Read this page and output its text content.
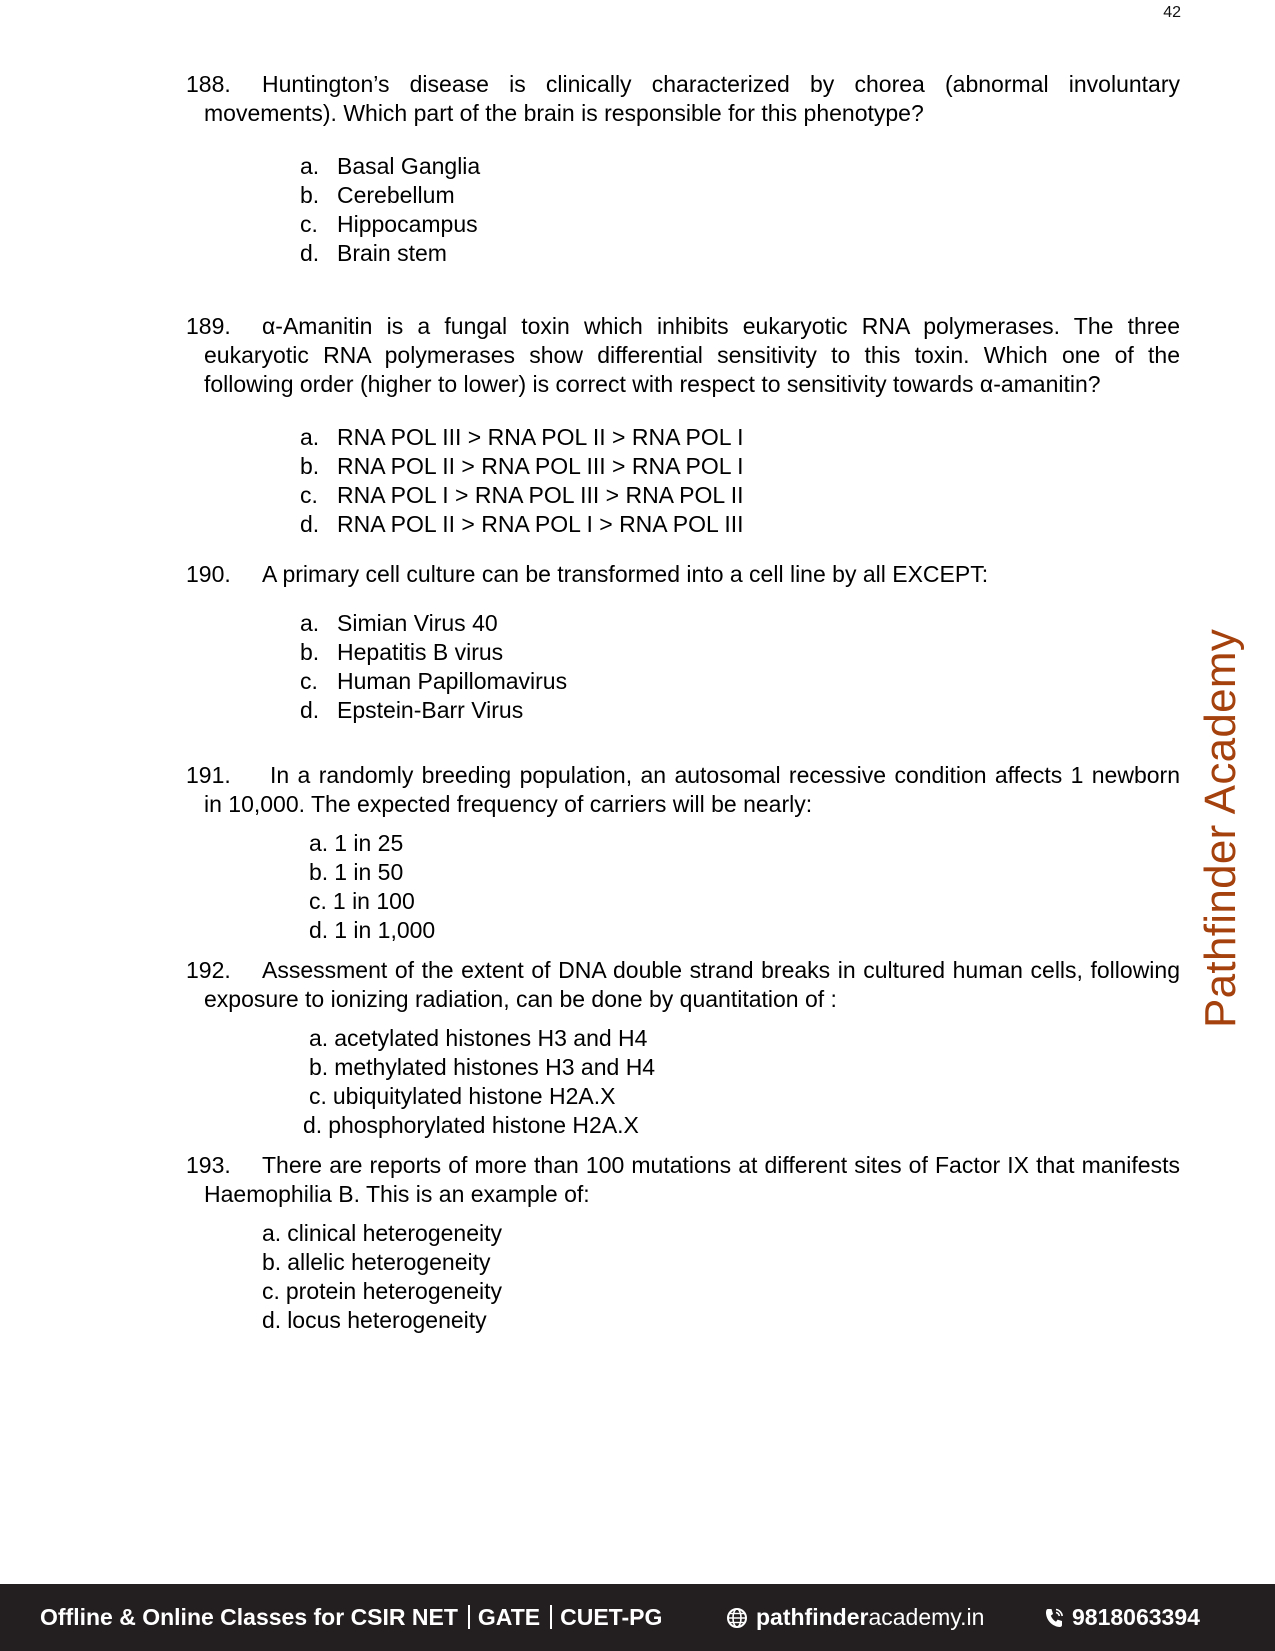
42
188. Huntington’s disease is clinically characterized by chorea (abnormal involuntary movements). Which part of the brain is responsible for this phenotype?
a. Basal Ganglia
b. Cerebellum
c. Hippocampus
d. Brain stem
189. α-Amanitin is a fungal toxin which inhibits eukaryotic RNA polymerases. The three eukaryotic RNA polymerases show differential sensitivity to this toxin. Which one of the following order (higher to lower) is correct with respect to sensitivity towards α-amanitin?
a. RNA POL III > RNA POL II > RNA POL I
b. RNA POL II > RNA POL III > RNA POL I
c. RNA POL I > RNA POL III > RNA POL II
d. RNA POL II > RNA POL I > RNA POL III
190. A primary cell culture can be transformed into a cell line by all EXCEPT:
a. Simian Virus 40
b. Hepatitis B virus
c. Human Papillomavirus
d. Epstein-Barr Virus
191. In a randomly breeding population, an autosomal recessive condition affects 1 newborn in 10,000. The expected frequency of carriers will be nearly:
a. 1 in 25
b. 1 in 50
c. 1 in 100
d. 1 in 1,000
192. Assessment of the extent of DNA double strand breaks in cultured human cells, following exposure to ionizing radiation, can be done by quantitation of :
a. acetylated histones H3 and H4
b. methylated histones H3 and H4
c. ubiquitylated histone H2A.X
d. phosphorylated histone H2A.X
193. There are reports of more than 100 mutations at different sites of Factor IX that manifests Haemophilia B. This is an example of:
a. clinical heterogeneity
b. allelic heterogeneity
c. protein heterogeneity
d. locus heterogeneity
Pathfinder Academy
Offline & Online Classes for CSIR NET GATE CUET-PG	pathfinderacademy.in	9818063394
